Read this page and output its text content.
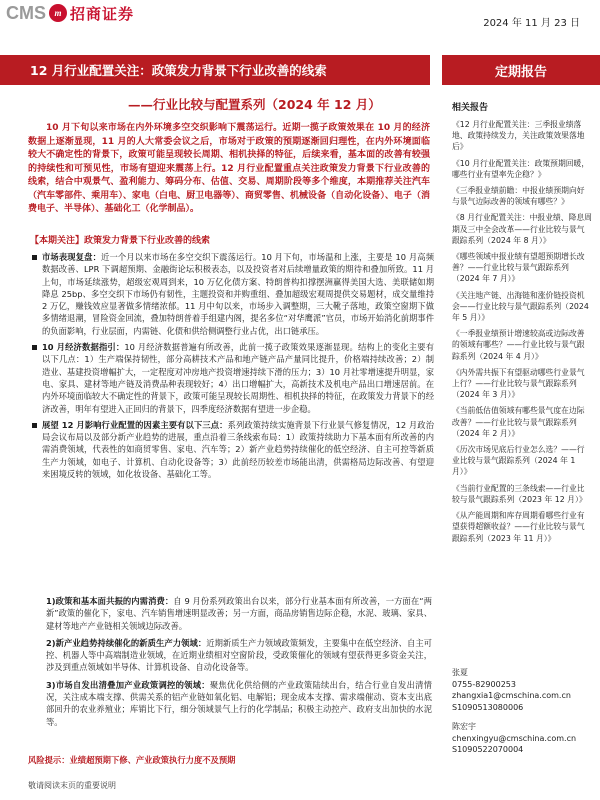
CMS m 招商证券
2024 年 11 月 23 日
12 月行业配置关注：政策发力背景下行业改善的线索	定期报告
——行业比较与配置系列（2024 年 12 月）
10 月下旬以来市场在内外环境多空交织影响下震荡运行。近期一揽子政策效果在 10 月的经济数据上逐渐显现，11 月的人大常委会议之后，市场对于政策的预期逐渐回归理性，在内外环境面临较大不确定性的背景下，政策可能呈现较长周期、相机抉择的特征，后续来看，基本面的改善有较强的持续性和可预见性，市场有望迎来震荡上行。12 月行业配置重点关注政策发力背景下行业改善的线索，结合中观景气、盈利能力、筹码分布、估值、交易、周期阶段等多个维度，本期推荐关注汽车（汽车零部件、乘用车）、家电（白电、厨卫电器等）、商贸零售、机械设备（自动化设备）、电子（消费电子、半导体）、基础化工（化学制品）。
【本期关注】政策发力背景下行业改善的线索
市场表现复盘：近一个月以来市场在多空交织下震荡运行。10 月下旬，市场温和上涨，主要是 10 月高频数据改善、LPR 下调超预期、金融街论坛积极表态，以及投资者对后续增量政策的期待和叠加所致。11 月上旬，市场延续涨势，超级宏观周到来，10 万亿化债方案、特朗普构扣撑摆洲赢得美国大选、美联储如期降息 25bp、多空交织下市场仍有韧性，主题投资和并购重组、叠加超级宏观周提供交易题材，成交量维持 2 万亿，赚钱效应显著做多情绪浓郁。11 月中旬以来，市场步入调整期，三大靴子落地，政策空窗期下做多情绪退潮，冒险资金回流，叠加特朗普着手组建内阁，提名多位“对华鹰派”官员，市场开始消化前期事件的负面影响，行业层面，内需链、化债和供给侧调整行业占优，出口链承压。
10 月经济数据指引：10 月经济数据普遍有所改善，此前一揽子政策效果逐渐显现。结构上的变化主要有以下几点：1）生产端保持韧性，部分高耕技术产品和地产链产品产量同比提升，价格端持续改善；2）制造业、基建投资增幅扩大，一定程度对冲房地产投资增速持续下滑的压力；3）10 月社零增速提升明显，家电、家具、建材等地产链及消费品种表现较好；4）出口增幅扩大，高新技术及机电产品出口增速居前。在内外环境面临较大不确定性的背景下，政策可能呈现较长周期性、相机抉择的特征，在政策发力背景下的经济改善，明年有望进入正回归的背景下，四季度经济数据有望进一步企稳。
展望 12 月影响行业配置的因素主要有以下三点：系列政策持续实施背景下行业景气修复情况，12 月政治局会议布局以及部分新产业趋势的进展，重点沿着三条线索布局：1）政策持续助力下基本面有所改善的内需消费领域，代表性的如商贸零售、家电、汽车等；2）新产业趋势持续催化的低空经济、自主可控等新质生产力领域，如电子、计算机、自动化设备等；3）此前经历较差市场能出清，供需格局边际改善、有望迎来困境反转的领域，如化妆设备、基础化工等。
1)政策和基本面共振的内需消费：自 9 月份系列政策出台以来，部分行业基本面有所改善，一方面在“两新”政策的催化下，家电、汽车销售增速明显改善；另一方面，商品房销售边际企稳，水泥、玻璃、家具、建材等地产产业链相关领域边际改善。
2)新产业趋势持续催化的新质生产力领域：近期新质生产力领域政策频发，主要集中在低空经济、自主可控、机器人等中高端制造业领域，在近期业绩相对空窗阶段，受政策催化的领域有望获得更多资金关注，涉及到重点领域如半导体、计算机设备、自动化设备等。
3)市场自发出清叠加产业政策调控的领域：聚焦优化供给侧的产业政策陆续出台，结合行业自发出清情况，关注成本端支撑、供需关系的铝产业链如氧化铝、电解铝；现金成本支撑、需求端催动、资本支出底部回升的农业养殖业；库销比下行，细分领域景气上行的化学制品；积极主动控产、政府支出加快的水泥等。
风险提示：业绩超预期下修、产业政策执行力度不及预期
敬请阅读末页的重要说明
相关报告
《12 月行业配置关注：三季报业绩落地、政策持续发力，关注政策效果落地后》
《10 月行业配置关注：政策预期回暖，哪些行业有望率先企稳？》
《三季报业绩前瞻：中报业绩预期向好与景气边际改善的领域有哪些？》
《8 月行业配置关注：中报业绩、降息周期及三中全会改革——行业比较与景气跟踪系列（2024 年 8 月）》
《哪些领域中报业绩有望超预期增长改善？——行业比较与景气跟踪系列（2024 年 7 月）》
《关注地产链、出海链和涨价链投资机会——行业比较与景气跟踪系列（2024 年 5 月）》
《一季报业绩预计增速较高或边际改善的领域有哪些？——行业比较与景气跟踪系列（2024 年 4 月）》
《内外需共振下有望驱动哪些行业景气上行？——行业比较与景气跟踪系列（2024 年 3 月）》
《当前低估值领域有哪些景气度在边际改善？——行业比较与景气跟踪系列（2024 年 2 月）》
《历次市场见底后行业怎么选？——行业比较与景气跟踪系列（2024 年 1 月）》
《当前行业配置的三条线索——行业比较与景气跟踪系列（2023 年 12 月）》
《从产能周期和库存周期看哪些行业有望获得超额收益？——行业比较与景气跟踪系列（2023 年 11 月）》
张夏
0755-82900253
zhangxia1@cmschina.com.cn
S1090513080006
陈宏宇
chenxingyu@cmschina.com.cn
S1090522070004
